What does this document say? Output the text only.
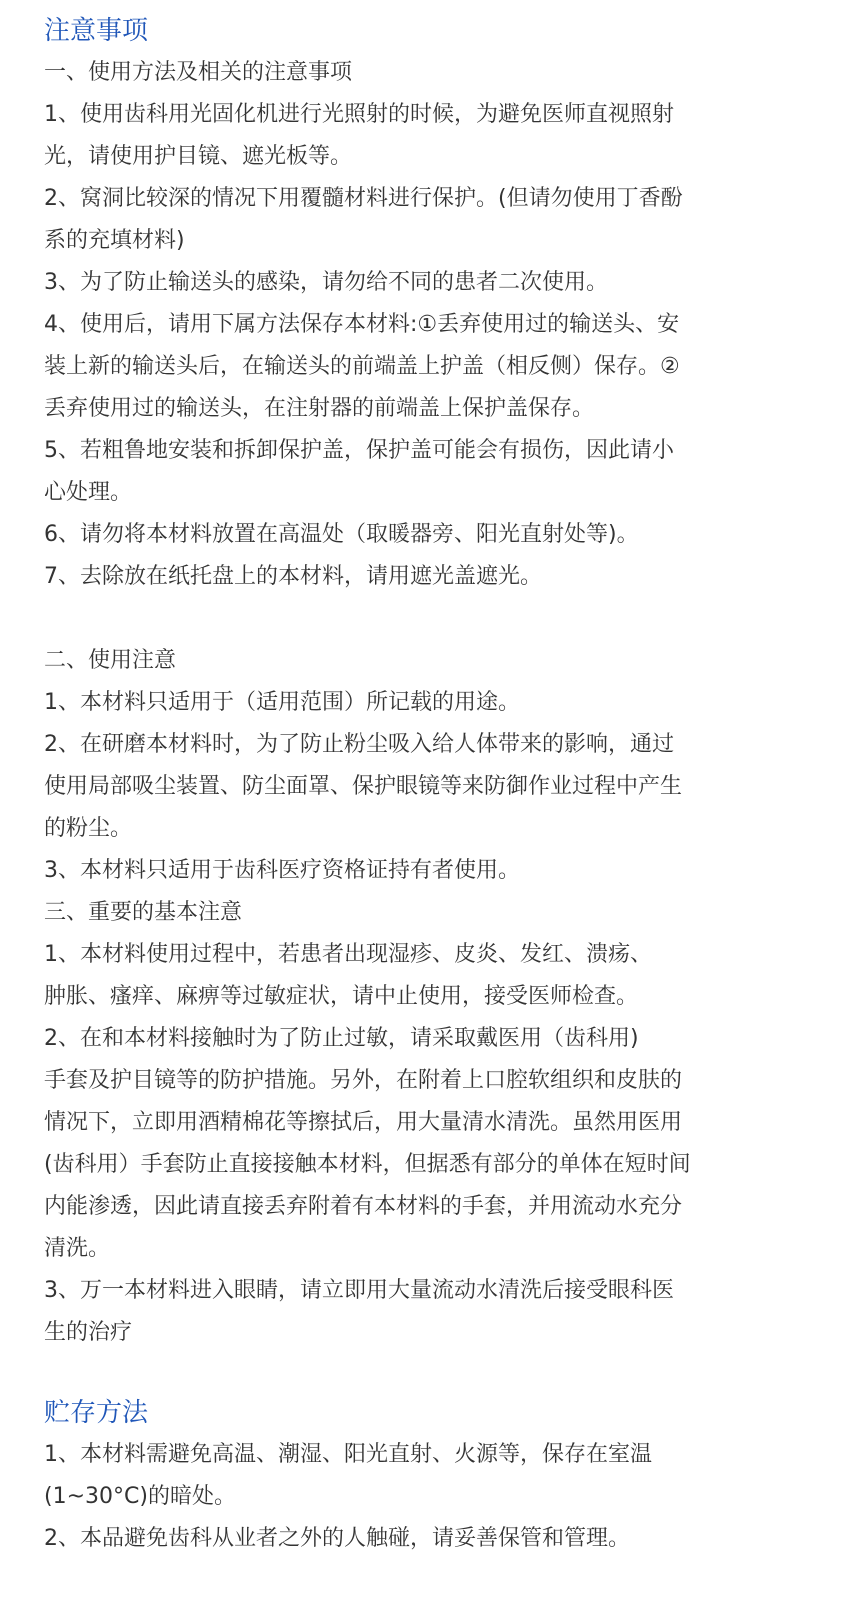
注意事项

一、使用方法及相关的注意事项

1、使用齿科用光固化机进行光照射的时候，为避免医师直视照射

光，请使用护目镜、遮光板等。

2、窝洞比较深的情况下用覆髓材料进行保护。(但请勿使用丁香酚

系的充填材料)

3、为了防止输送头的感染，请勿给不同的患者二次使用。

4、使用后，请用下属方法保存本材料:①丢弃使用过的输送头、安

装上新的输送头后，在输送头的前端盖上护盖（相反侧）保存。②

丢弃使用过的输送头，在注射器的前端盖上保护盖保存。

5、若粗鲁地安装和拆卸保护盖，保护盖可能会有损伤，因此请小

心处理。

6、请勿将本材料放置在高温处（取暖器旁、阳光直射处等)。

7、去除放在纸托盘上的本材料，请用遮光盖遮光。

二、使用注意

1、本材料只适用于（适用范围）所记载的用途。

2、在研磨本材料时，为了防止粉尘吸入给人体带来的影响，通过

使用局部吸尘装置、防尘面罩、保护眼镜等来防御作业过程中产生

的粉尘。

3、本材料只适用于齿科医疗资格证持有者使用。

三、重要的基本注意

1、本材料使用过程中，若患者出现湿疹、皮炎、发红、溃疡、

肿胀、瘙痒、麻痹等过敏症状，请中止使用，接受医师检查。

2、在和本材料接触时为了防止过敏，请采取戴医用（齿科用)

手套及护目镜等的防护措施。另外，在附着上口腔软组织和皮肤的

情况下，立即用酒精棉花等擦拭后，用大量清水清洗。虽然用医用

(齿科用）手套防止直接接触本材料，但据悉有部分的单体在短时间

内能渗透，因此请直接丢弃附着有本材料的手套，并用流动水充分

清洗。

3、万一本材料进入眼睛，请立即用大量流动水清洗后接受眼科医

生的治疗

贮存方法

1、本材料需避免高温、潮湿、阳光直射、火源等，保存在室温

(1~30°C)的暗处。

2、本品避免齿科从业者之外的人触碰，请妥善保管和管理。
